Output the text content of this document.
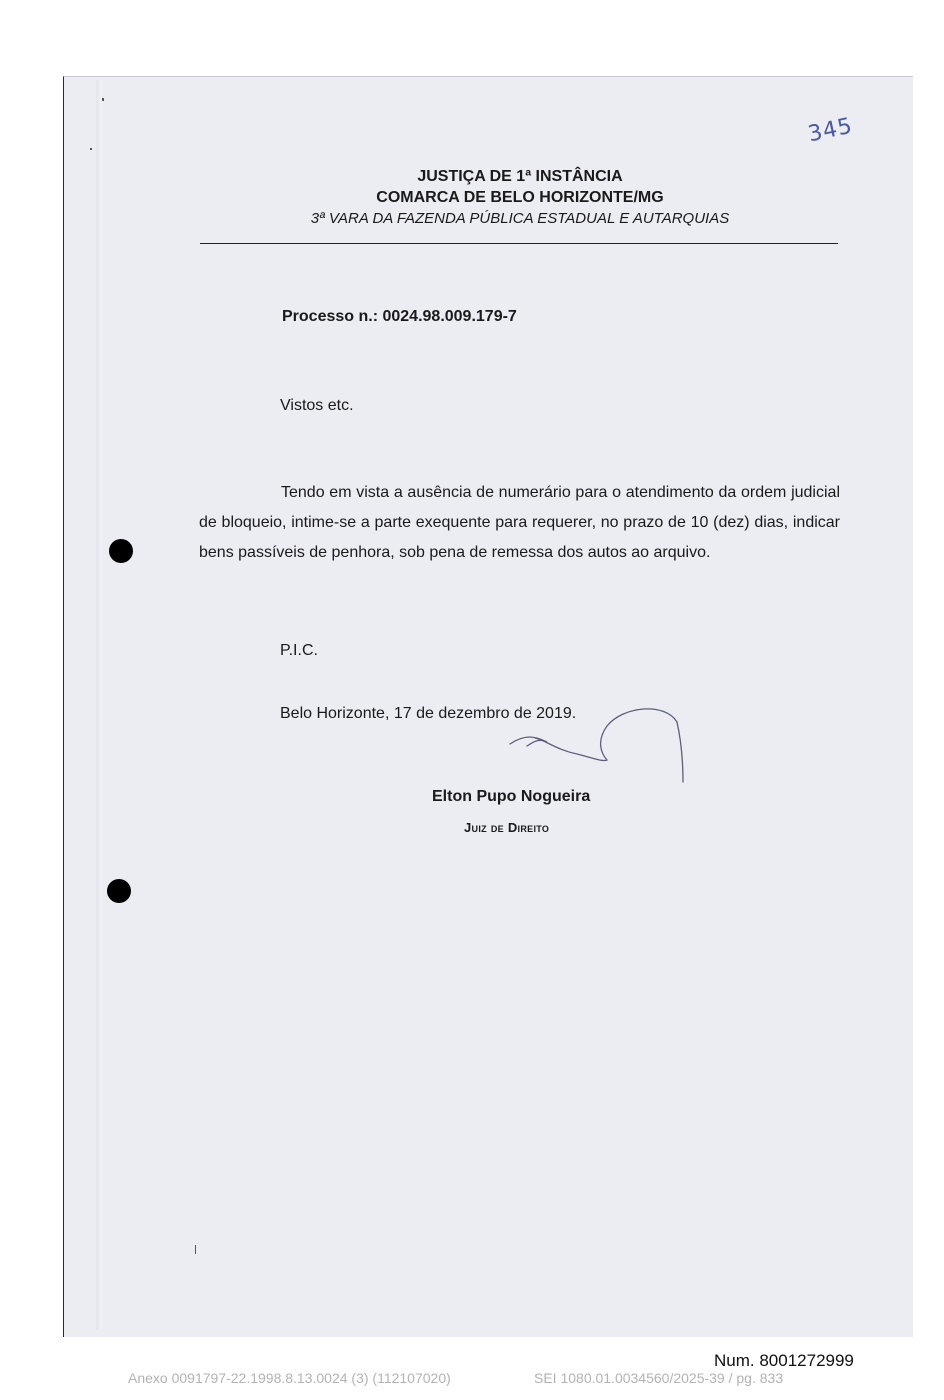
345
JUSTIÇA DE 1ª INSTÂNCIA
COMARCA DE BELO HORIZONTE/MG
3ª VARA DA FAZENDA PÚBLICA ESTADUAL E AUTARQUIAS
Processo n.: 0024.98.009.179-7
Vistos etc.
Tendo em vista a ausência de numerário para o atendimento da ordem judicial de bloqueio, intime-se a parte exequente para requerer, no prazo de 10 (dez) dias, indicar bens passíveis de penhora, sob pena de remessa dos autos ao arquivo.
P.I.C.
Belo Horizonte, 17 de dezembro de 2019.
Elton Pupo Nogueira
Juiz de Direito
Num. 8001272999
Anexo 0091797-22.1998.8.13.0024 (3) (112107020)	SEI 1080.01.0034560/2025-39 / pg. 833
